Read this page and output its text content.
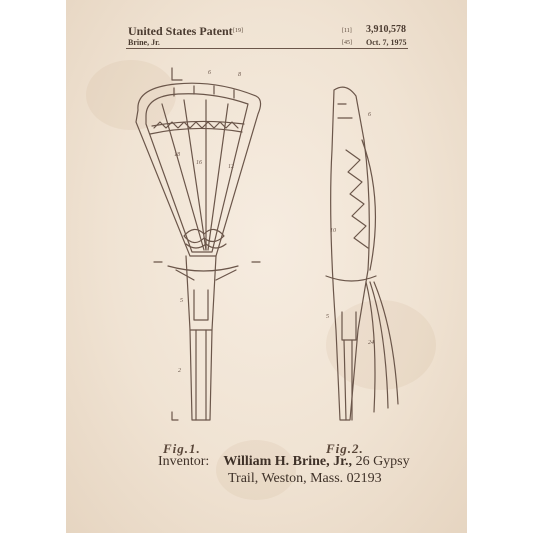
United States Patent [19]
Brine, Jr.
[11] 3,910,578
[45] Oct. 7, 1975
6	8
18
16
12
5
2
6
10
5
24
Fig.1.	Fig.2.
Inventor: William H. Brine, Jr., 26 Gypsy
Trail, Weston, Mass. 02193
